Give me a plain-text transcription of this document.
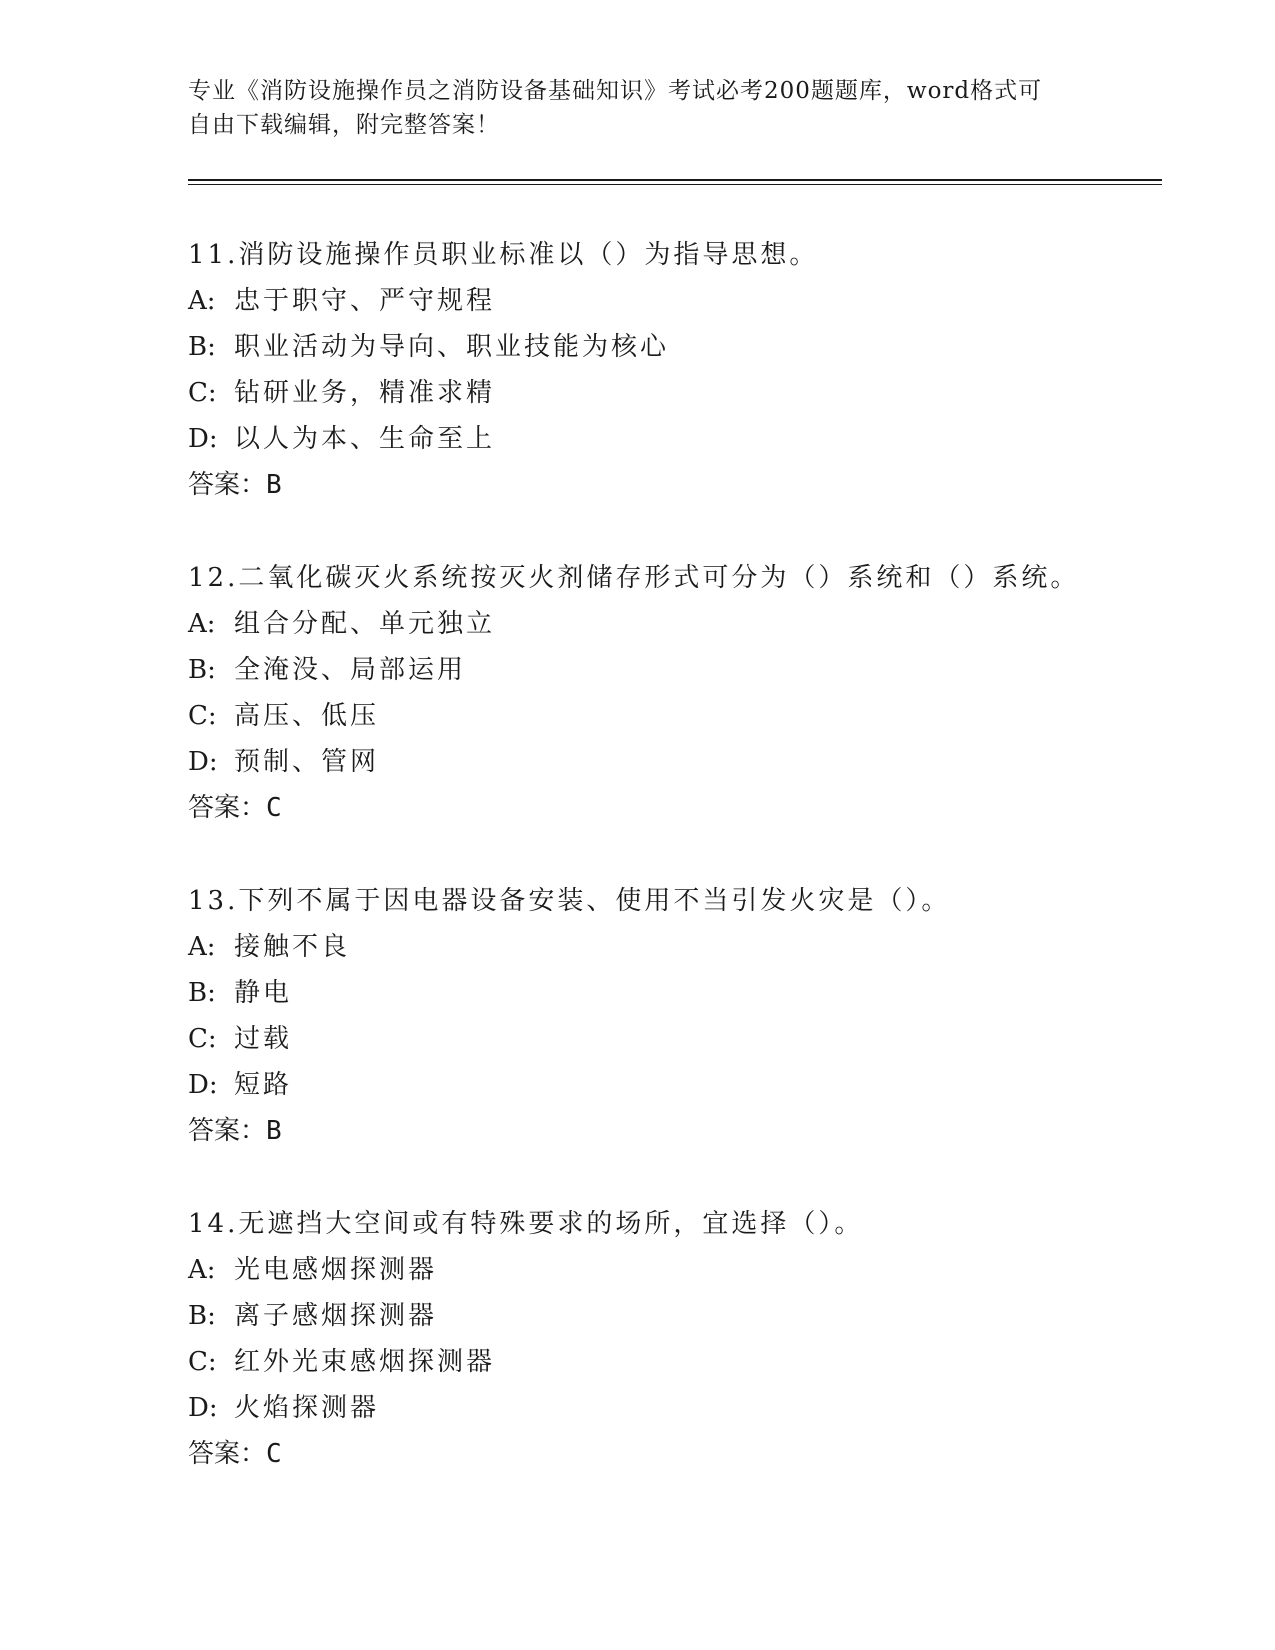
专业《消防设施操作员之消防设备基础知识》考试必考200题题库，word格式可
自由下载编辑，附完整答案！
11.消防设施操作员职业标准以（）为指导思想。
A: 忠于职守、严守规程
B: 职业活动为导向、职业技能为核心
C: 钻研业务，精准求精
D: 以人为本、生命至上
答案：B
12.二氧化碳灭火系统按灭火剂储存形式可分为（）系统和（）系统。
A: 组合分配、单元独立
B: 全淹没、局部运用
C: 高压、低压
D: 预制、管网
答案：C
13.下列不属于因电器设备安装、使用不当引发火灾是（）。
A: 接触不良
B: 静电
C: 过载
D: 短路
答案：B
14.无遮挡大空间或有特殊要求的场所，宜选择（）。
A: 光电感烟探测器
B: 离子感烟探测器
C: 红外光束感烟探测器
D: 火焰探测器
答案：C
